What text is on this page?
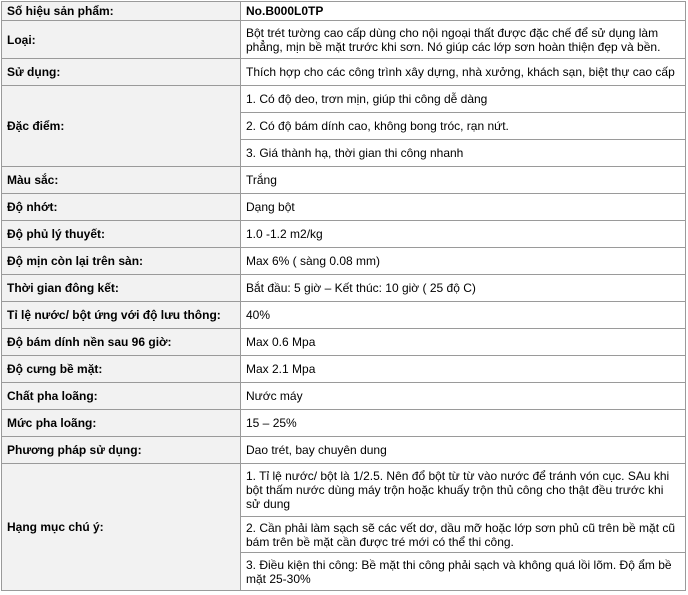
Số hiệu sản phẩm:	No.B000L0TP
Loại:	Bột trét tường cao cấp dùng cho nội ngoại thất được đặc chế để sử dụng làm phẳng, mịn bề mặt trước khi sơn. Nó giúp các lớp sơn hoàn thiện đẹp và bền.
Sử dụng:	Thích hợp cho các công trình xây dựng, nhà xưởng, khách sạn, biệt thự cao cấp
Đặc điểm:	1. Có độ deo, trơn mịn, giúp thi công dễ dàng
	2. Có độ bám dính cao, không bong tróc, rạn nứt.
	3. Giá thành hạ, thời gian thi công nhanh
Màu sắc:	Trắng
Độ nhớt:	Dạng bột
Độ phủ lý thuyết:	1.0 -1.2 m2/kg
Độ mịn còn lại trên sàn:	Max 6% ( sàng 0.08 mm)
Thời gian đông kết:	Bắt đầu: 5 giờ – Kết thúc: 10 giờ ( 25 độ C)
Tỉ lệ nước/ bột ứng với độ lưu thông:	40%
Độ bám dính nền sau 96 giờ:	Max 0.6 Mpa
Độ cưng bề mặt:	Max 2.1 Mpa
Chất pha loãng:	Nước máy
Mức pha loãng:	15 – 25%
Phương pháp sử dụng:	Dao trét, bay chuyên dung
Hạng mục chú ý:	1. Tỉ lệ nước/ bột là 1/2.5. Nên đổ bột từ từ vào nước để tránh vón cục. SAu khi bột thấm nước dùng máy trộn hoặc khuấy trộn thủ công cho thật đều trước khi sử dung
	2. Cần phải làm sạch sẽ các vết dơ, dầu mỡ hoặc lớp sơn phủ cũ trên bề mặt cũ bám trên bề mặt cần được tré mới có thể thi công.
	3. Điều kiện thi công: Bề mặt thi công phải sạch và không quá lồi lõm. Độ ẩm bề mặt 25-30%
